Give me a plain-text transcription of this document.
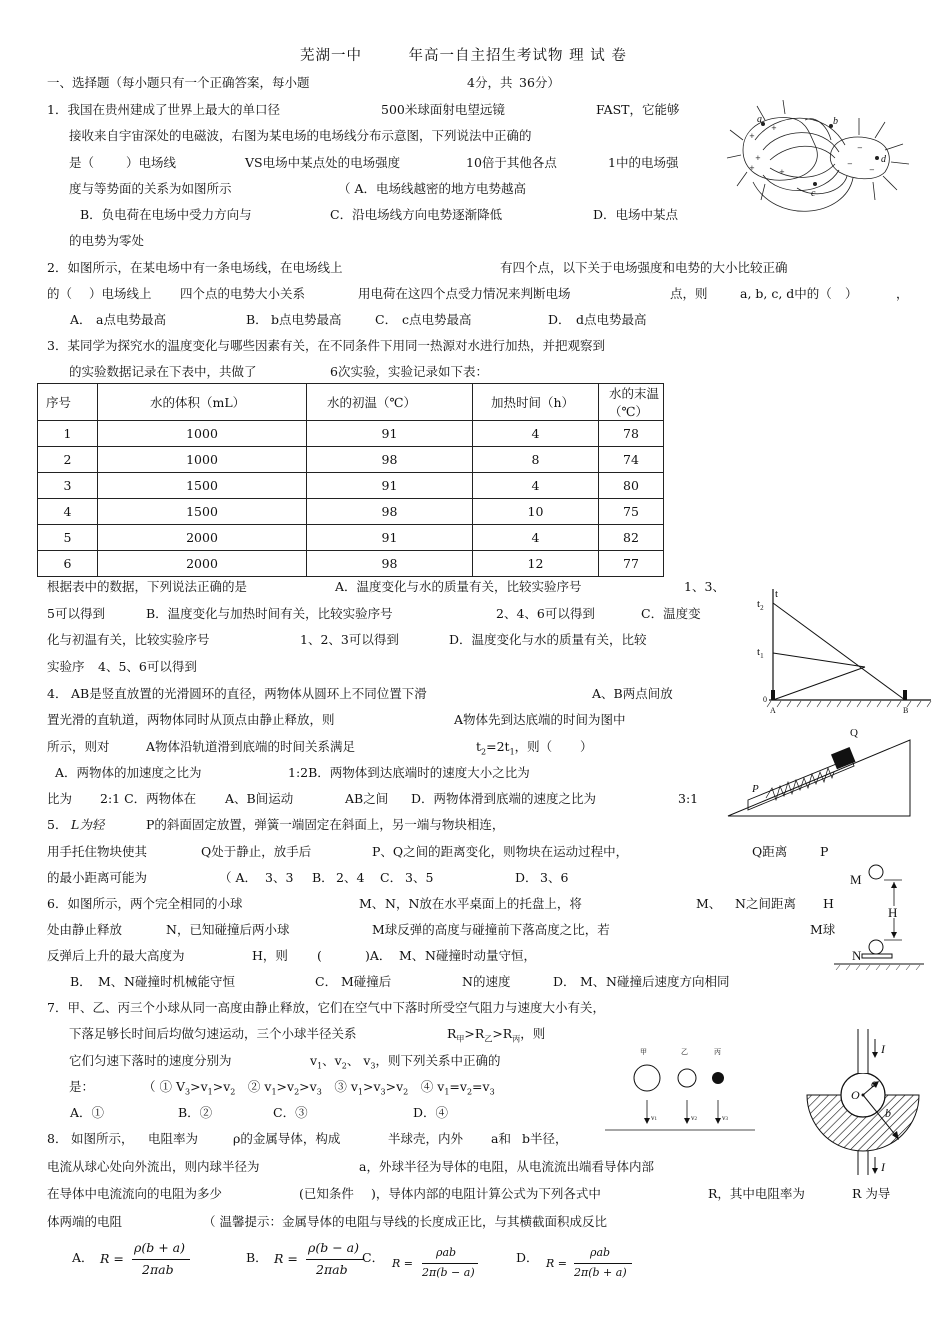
芜湖一中　　　年高一自主招生考试物 理 试 卷
一、选择题（每小题只有一个正确答案，每小题	4分，共 36分）
1．我国在贵州建成了世界上最大的单口径	500米球面射电望远镜	FAST，它能够
接收来自宇宙深处的电磁波，右图为某电场的电场线分布示意图，下列说法中正确的
是（　 ）电场线	VS电场中某点处的电场强度	10倍于其他各点	1中的电场强
度与等势面的关系为如图所示	（ A．电场线越密的地方电势越高
B．负电荷在电场中受力方向与	C．沿电场线方向电势逐渐降低	D．电场中某点
的电势为零处
2．如图所示，在某电场中有一条电场线，在电场线上	有四个点，以下关于电场强度和电势的大小比较正确
的（ ）电场线上 四个点的电势大小关系	用电荷在这四个点受力情况来判断电场	点，则	a, b, c, d中的（ ）	，
A． a点电势最高	B． b点电势最高	C． c点电势最高	D． d点电势最高
3．某同学为探究水的温度变化与哪些因素有关，在不同条件下用同一热源对水进行加热，并把观察到
的实验数据记录在下表中，共做了	6次实验，实验记录如下表：
序号	水的体积（mL）	水的初温（℃）	加热时间（h）	水的末温（℃）
1	1000	91	4	78
2	1000	98	8	74
3	1500	91	4	80
4	1500	98	10	75
5	2000	91	4	82
6	2000	98	12	77
根据表中的数据，下列说法正确的是	A．温度变化与水的质量有关，比较实验序号	1、3、
5可以得到	B．温度变化与加热时间有关，比较实验序号	2、4、6可以得到	C．温度变
化与初温有关，比较实验序号	1、2、3可以得到	D．温度变化与水的质量有关，比较
实验序 4、5、6可以得到
4． AB是竖直放置的光滑圆环的直径，两物体从圆环上不同位置下滑	A、B两点间放
置光滑的直轨道，两物体同时从顶点由静止释放，则	A物体先到达底端的时间为图中
所示，则对	A物体沿轨道滑到底端的时间关系满足	$t_2=2t_1$，则（ ）
A．两物体的加速度之比为	1:2B．两物体到达底端时的速度大小之比为
比为 2:1 C．两物体在 A、B间运动	AB之间 D．两物体滑到底端的速度之比为	3:1
5． L为轻	P的斜面固定放置，弹簧一端固定在斜面上，另一端与物块相连，
用手托住物块使其	Q处于静止，放手后	P、Q之间的距离变化，则物块在运动过程中，	Q距离	P
的最小距离可能为	（ A． 3、3 B． 2、4 C． 3、5	D． 3、6
6．如图所示，两个完全相同的小球	M、 N，N放在水平桌面上的托盘上，将	M、 N之间距离 H
处由静止释放	N，已知碰撞后两小球	M球反弹的高度与碰撞前下落高度之比，若	M球
反弹后上升的最大高度为	H，则 (	)A． M、 N碰撞时动量守恒，
B． M、 N碰撞时机械能守恒	C． M碰撞后	N的速度	D． M、 N碰撞后速度方向相同
7．甲、乙、丙三个小球从同一高度由静止释放，它们在空气中下落时所受空气阻力与速度大小有关，
下落足够长时间后均做匀速运动，三个小球半径关系	$R_甲>R_乙>R_丙$，则
它们匀速下落时的速度分别为	$v_1$、$v_2$、 $v_3$，则下列关系中正确的
是：	（ ① $V_3>v_1>v_2$　② $v_1>v_2>v_3$　③ $v_1>v_3>v_2$　④ $v_1=v_2=v_3$
A．①	B．②	C．③	D．④
8． 如图所示， 电阻率为	ρ的金属导体，构成	半球壳，内外 a和 b半径，
电流从球心处向外流出，则内球半径为	a，外球半径为导体的电阻，从电流流出端看导体内部
在导体中电流流向的电阻为多少	(已知条件 )，导体内部的电阻计算公式为下列各式中	R，其中电阻率为	R 为导
体两端的电阻	（ 温馨提示：金属导体的电阻与导线的长度成正比，与其横截面积成反比
A． R =
ρ(b + a)
2πab
B． R =
ρ(b − a)
2πab
C． R =
ρab
2π(b − a)
D． R =
ρab
2π(b + a)
a	b
c
d
+
+
+
+
+
−
−
−
t
$t_2$
$t_1$
0
A	B
Q
P
M
H
N
甲	乙	丙
v1	v2	v3
I
I
a
O
b
